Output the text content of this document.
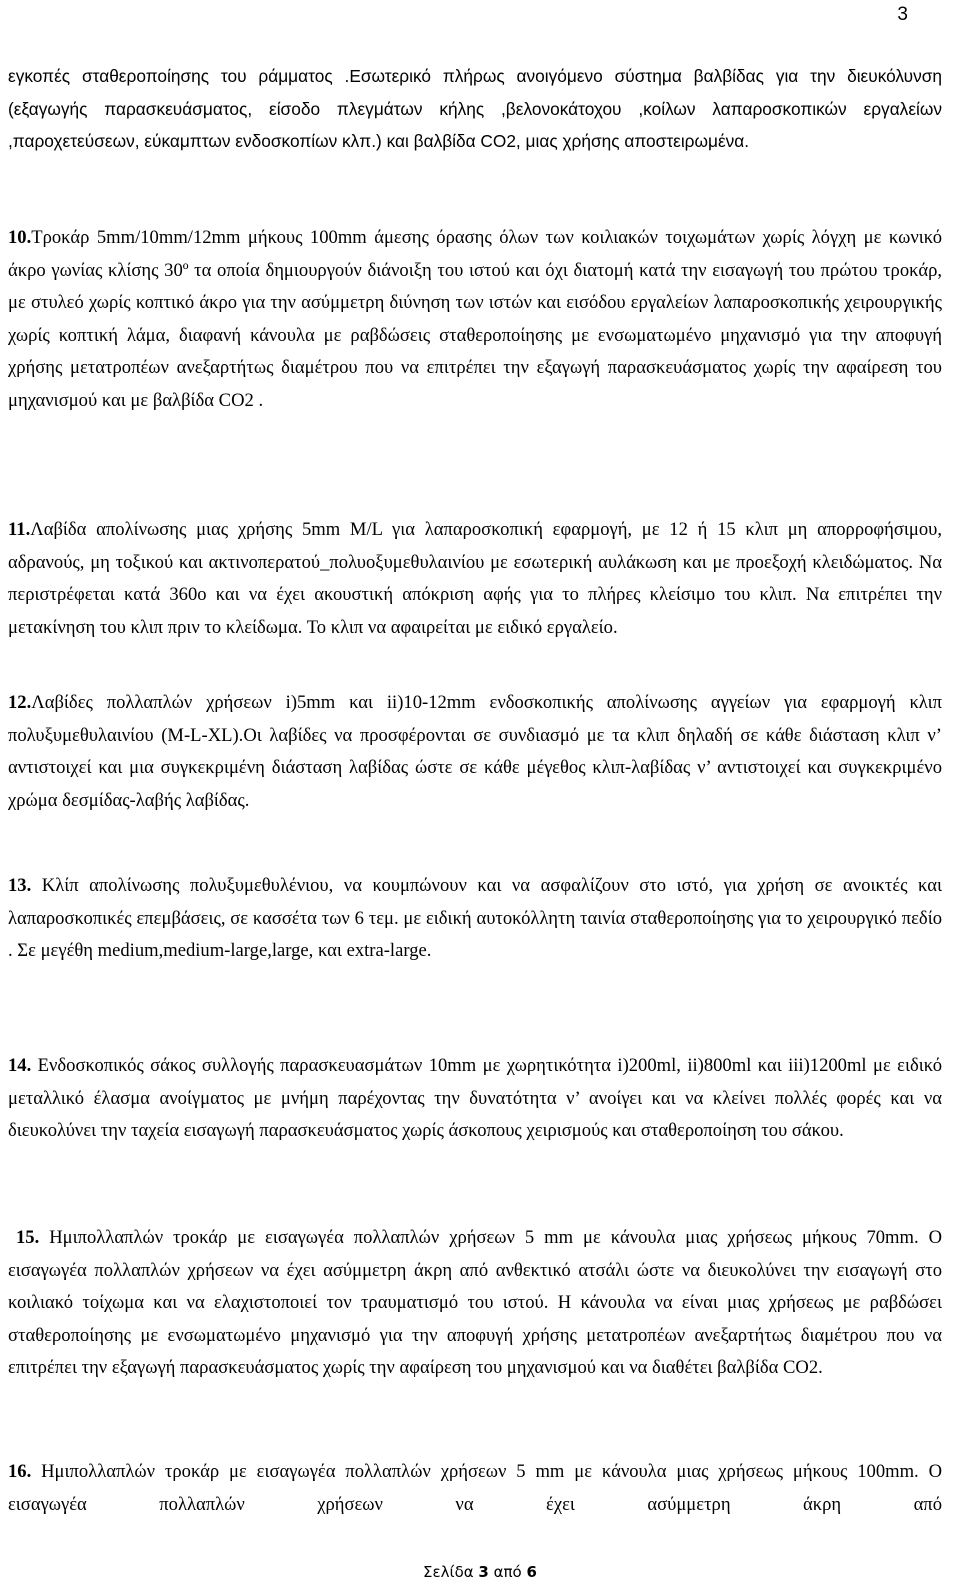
3

εγκοπές σταθεροποίησης του ράμματος .Εσωτερικό πλήρως ανοιγόμενο σύστημα βαλβίδας για την διευκόλυνση (εξαγωγής παρασκευάσματος, είσοδο πλεγμάτων κήλης ,βελονοκάτοχου ,κοίλων λαπαροσκοπικών εργαλείων ,παροχετεύσεων, εύκαμπτων ενδοσκοπίων κλπ.) και βαλβίδα CO2, μιας χρήσης αποστειρωμένα.

10.Τροκάρ 5mm/10mm/12mm μήκους 100mm άμεσης όρασης όλων των κοιλιακών τοιχωμάτων χωρίς λόγχη με κωνικό άκρο γωνίας κλίσης 30º τα οποία δημιουργούν διάνοιξη του ιστού και όχι διατομή κατά την εισαγωγή του πρώτου τροκάρ, με στυλεό χωρίς κοπτικό άκρο για την ασύμμετρη διύνηση των ιστών και εισόδου εργαλείων λαπαροσκοπικής χειρουργικής χωρίς κοπτική λάμα, διαφανή κάνουλα με ραβδώσεις σταθεροποίησης με ενσωματωμένο μηχανισμό για την αποφυγή χρήσης μετατροπέων ανεξαρτήτως διαμέτρου που να επιτρέπει την εξαγωγή παρασκευάσματος χωρίς την αφαίρεση του μηχανισμού και με βαλβίδα CO2 .

11.Λαβίδα απολίνωσης μιας χρήσης 5mm M/L για λαπαροσκοπική εφαρμογή, με 12 ή 15 κλιπ μη απορροφήσιμου, αδρανούς, μη τοξικού και ακτινοπερατού_πολυοξυμεθυλαινίου με εσωτερική αυλάκωση και με προεξοχή κλειδώματος. Να περιστρέφεται κατά 360ο και να έχει ακουστική απόκριση αφής για το πλήρες κλείσιμο του κλιπ. Να επιτρέπει την μετακίνηση του κλιπ πριν το κλείδωμα. Το κλιπ να αφαιρείται με ειδικό εργαλείο.

12.Λαβίδες πολλαπλών χρήσεων i)5mm και ii)10-12mm ενδοσκοπικής απολίνωσης αγγείων για εφαρμογή κλιπ πολυξυμεθυλαινίου (M-L-XL).Οι λαβίδες να προσφέρονται σε συνδιασμό με τα κλιπ δηλαδή σε κάθε διάσταση κλιπ ν’ αντιστοιχεί και μια συγκεκριμένη διάσταση λαβίδας ώστε σε κάθε μέγεθος κλιπ-λαβίδας ν’ αντιστοιχεί και συγκεκριμένο χρώμα δεσμίδας-λαβής λαβίδας.

13. Κλίπ απολίνωσης πολυξυμεθυλένιου, να κουμπώνουν και να ασφαλίζουν στο ιστό, για χρήση σε ανοικτές και λαπαροσκοπικές επεμβάσεις, σε κασσέτα των 6 τεμ. με ειδική αυτοκόλλητη ταινία σταθεροποίησης για το χειρουργικό πεδίο . Σε μεγέθη medium,medium-large,large, και extra-large.

14. Ενδοσκοπικός σάκος συλλογής παρασκευασμάτων 10mm με χωρητικότητα i)200ml, ii)800ml και iii)1200ml με ειδικό μεταλλικό έλασμα ανοίγματος με μνήμη παρέχοντας την δυνατότητα ν’ ανοίγει και να κλείνει πολλές φορές και να διευκολύνει την ταχεία εισαγωγή παρασκευάσματος χωρίς άσκοπους χειρισμούς και σταθεροποίηση του σάκου.

15. Ημιπολλαπλών τροκάρ με εισαγωγέα πολλαπλών χρήσεων 5 mm με κάνουλα μιας χρήσεως μήκους 70mm. Ο εισαγωγέα πολλαπλών χρήσεων να έχει ασύμμετρη άκρη από ανθεκτικό ατσάλι ώστε να διευκολύνει την εισαγωγή στο κοιλιακό τοίχωμα και να ελαχιστοποιεί τον τραυματισμό του ιστού. Η κάνουλα να είναι μιας χρήσεως με ραβδώσει σταθεροποίησης με ενσωματωμένο μηχανισμό για την αποφυγή χρήσης μετατροπέων ανεξαρτήτως διαμέτρου που να επιτρέπει την εξαγωγή παρασκευάσματος χωρίς την αφαίρεση του μηχανισμού και να διαθέτει βαλβίδα CO2.

16. Ημιπολλαπλών τροκάρ με εισαγωγέα πολλαπλών χρήσεων 5 mm με κάνουλα μιας χρήσεως μήκους 100mm. Ο εισαγωγέα πολλαπλών χρήσεων να έχει ασύμμετρη άκρη από

Σελίδα 3 από 6
